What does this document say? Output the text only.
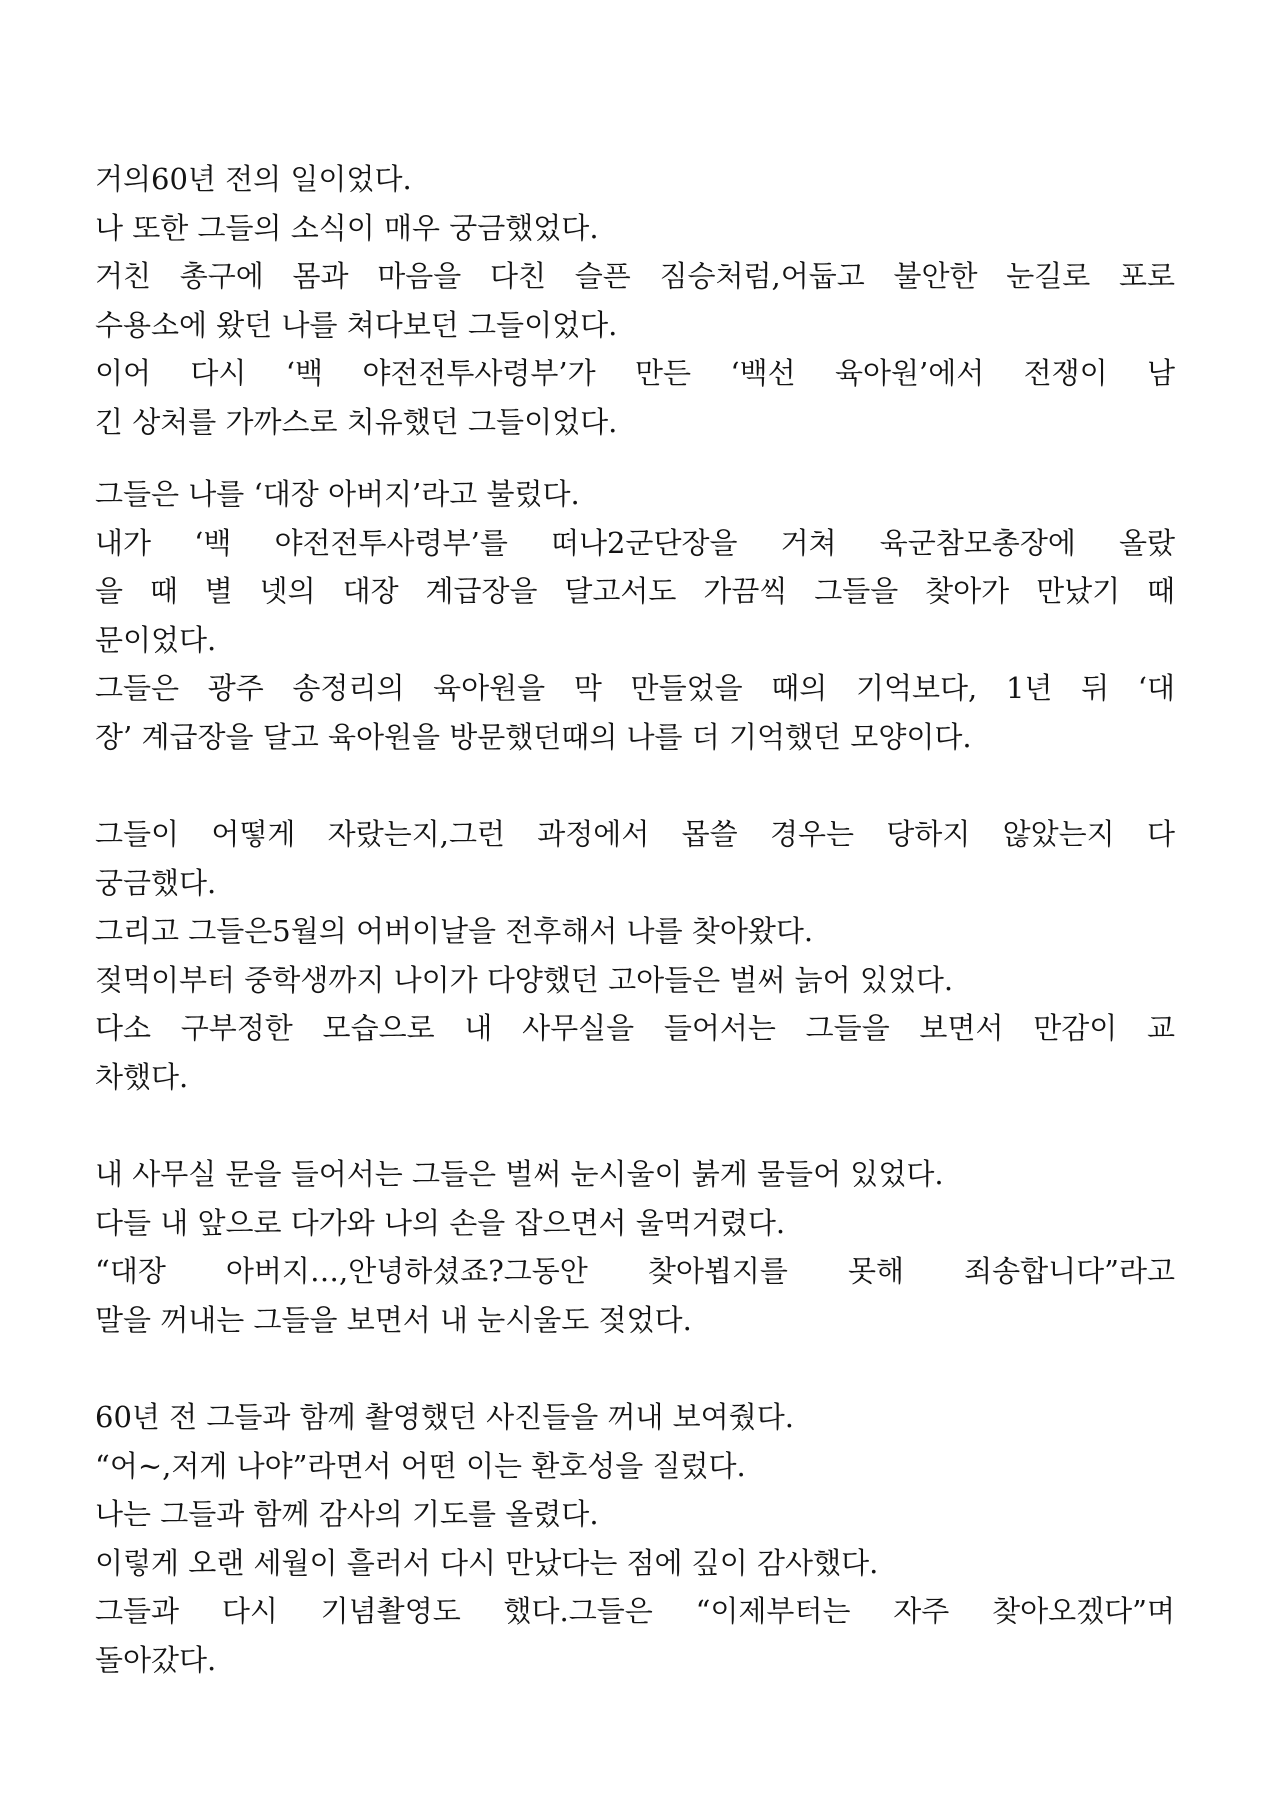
거의60년 전의 일이었다.
나 또한 그들의 소식이 매우 궁금했었다.
거친 총구에 몸과 마음을 다친 슬픈 짐승처럼,어둡고 불안한 눈길로 포로
수용소에 왔던 나를 쳐다보던 그들이었다.
이어 다시 ‘백 야전전투사령부’가 만든 ‘백선 육아원’에서 전쟁이 남
긴 상처를 가까스로 치유했던 그들이었다.
그들은 나를 ‘대장 아버지’라고 불렀다.
내가 ‘백 야전전투사령부’를 떠나2군단장을 거쳐 육군참모총장에 올랐
을 때 별 넷의 대장 계급장을 달고서도 가끔씩 그들을 찾아가 만났기 때
문이었다.
그들은 광주 송정리의 육아원을 막 만들었을 때의 기억보다, 1년 뒤 ‘대
장’ 계급장을 달고 육아원을 방문했던때의 나를 더 기억했던 모양이다.
그들이 어떻게 자랐는지,그런 과정에서 몹쓸 경우는 당하지 않았는지 다
궁금했다.
그리고 그들은5월의 어버이날을 전후해서 나를 찾아왔다.
젖먹이부터 중학생까지 나이가 다양했던 고아들은 벌써 늙어 있었다.
다소 구부정한 모습으로 내 사무실을 들어서는 그들을 보면서 만감이 교
차했다.
내 사무실 문을 들어서는 그들은 벌써 눈시울이 붉게 물들어 있었다.
다들 내 앞으로 다가와 나의 손을 잡으면서 울먹거렸다.
“대장 아버지…,안녕하셨죠?그동안 찾아뵙지를 못해 죄송합니다”라고
말을 꺼내는 그들을 보면서 내 눈시울도 젖었다.
60년 전 그들과 함께 촬영했던 사진들을 꺼내 보여줬다.
“어~,저게 나야”라면서 어떤 이는 환호성을 질렀다.
나는 그들과 함께 감사의 기도를 올렸다.
이렇게 오랜 세월이 흘러서 다시 만났다는 점에 깊이 감사했다.
그들과 다시 기념촬영도 했다.그들은 “이제부터는 자주 찾아오겠다”며
돌아갔다.
